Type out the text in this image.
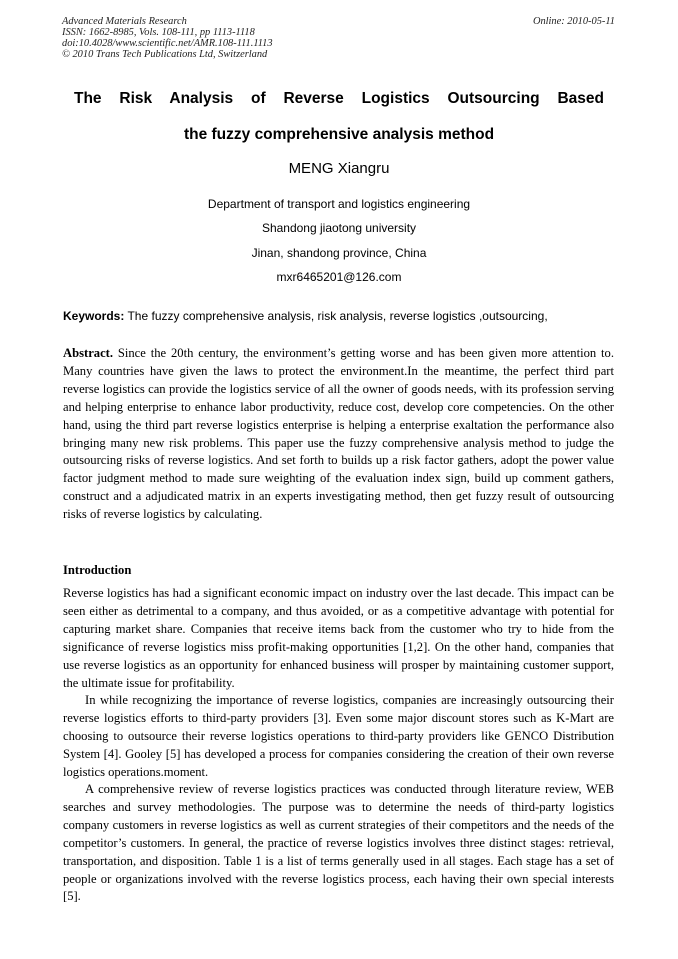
Advanced Materials Research
ISSN: 1662-8985, Vols. 108-111, pp 1113-1118
doi:10.4028/www.scientific.net/AMR.108-111.1113
© 2010 Trans Tech Publications Ltd, Switzerland
Online: 2010-05-11
The Risk Analysis of Reverse Logistics Outsourcing Based
the fuzzy comprehensive analysis method
MENG Xiangru
Department of transport and logistics engineering
Shandong jiaotong university
Jinan, shandong province, China
mxr6465201@126.com
Keywords: The fuzzy comprehensive analysis, risk analysis, reverse logistics ,outsourcing,
Abstract. Since the 20th century, the environment’s getting worse and has been given more attention to. Many countries have given the laws to protect the environment.In the meantime, the perfect third part reverse logistics can provide the logistics service of all the owner of goods needs, with its profession serving and helping enterprise to enhance labor productivity, reduce cost, develop core competencies. On the other hand, using the third part reverse logistics enterprise is helping a enterprise exaltation the performance also bringing many new risk problems. This paper use the fuzzy comprehensive analysis method to judge the outsourcing risks of reverse logistics. And set forth to builds up a risk factor gathers, adopt the power value factor judgment method to made sure weighting of the evaluation index sign, build up comment gathers, construct and a adjudicated matrix in an experts investigating method, then get fuzzy result of outsourcing risks of reverse logistics by calculating.
Introduction
Reverse logistics has had a significant economic impact on industry over the last decade. This impact can be seen either as detrimental to a company, and thus avoided, or as a competitive advantage with potential for capturing market share. Companies that receive items back from the customer who try to hide from the significance of reverse logistics miss profit-making opportunities [1,2]. On the other hand, companies that use reverse logistics as an opportunity for enhanced business will prosper by maintaining customer support, the ultimate issue for profitability.
In while recognizing the importance of reverse logistics, companies are increasingly outsourcing their reverse logistics efforts to third-party providers [3]. Even some major discount stores such as K-Mart are choosing to outsource their reverse logistics operations to third-party providers like GENCO Distribution System [4]. Gooley [5] has developed a process for companies considering the creation of their own reverse logistics operations.moment.
A comprehensive review of reverse logistics practices was conducted through literature review, WEB searches and survey methodologies. The purpose was to determine the needs of third-party logistics company customers in reverse logistics as well as current strategies of their competitors and the needs of the competitor’s customers. In general, the practice of reverse logistics involves three distinct stages: retrieval, transportation, and disposition. Table 1 is a list of terms generally used in all stages. Each stage has a set of people or organizations involved with the reverse logistics process, each having their own special interests [5].
